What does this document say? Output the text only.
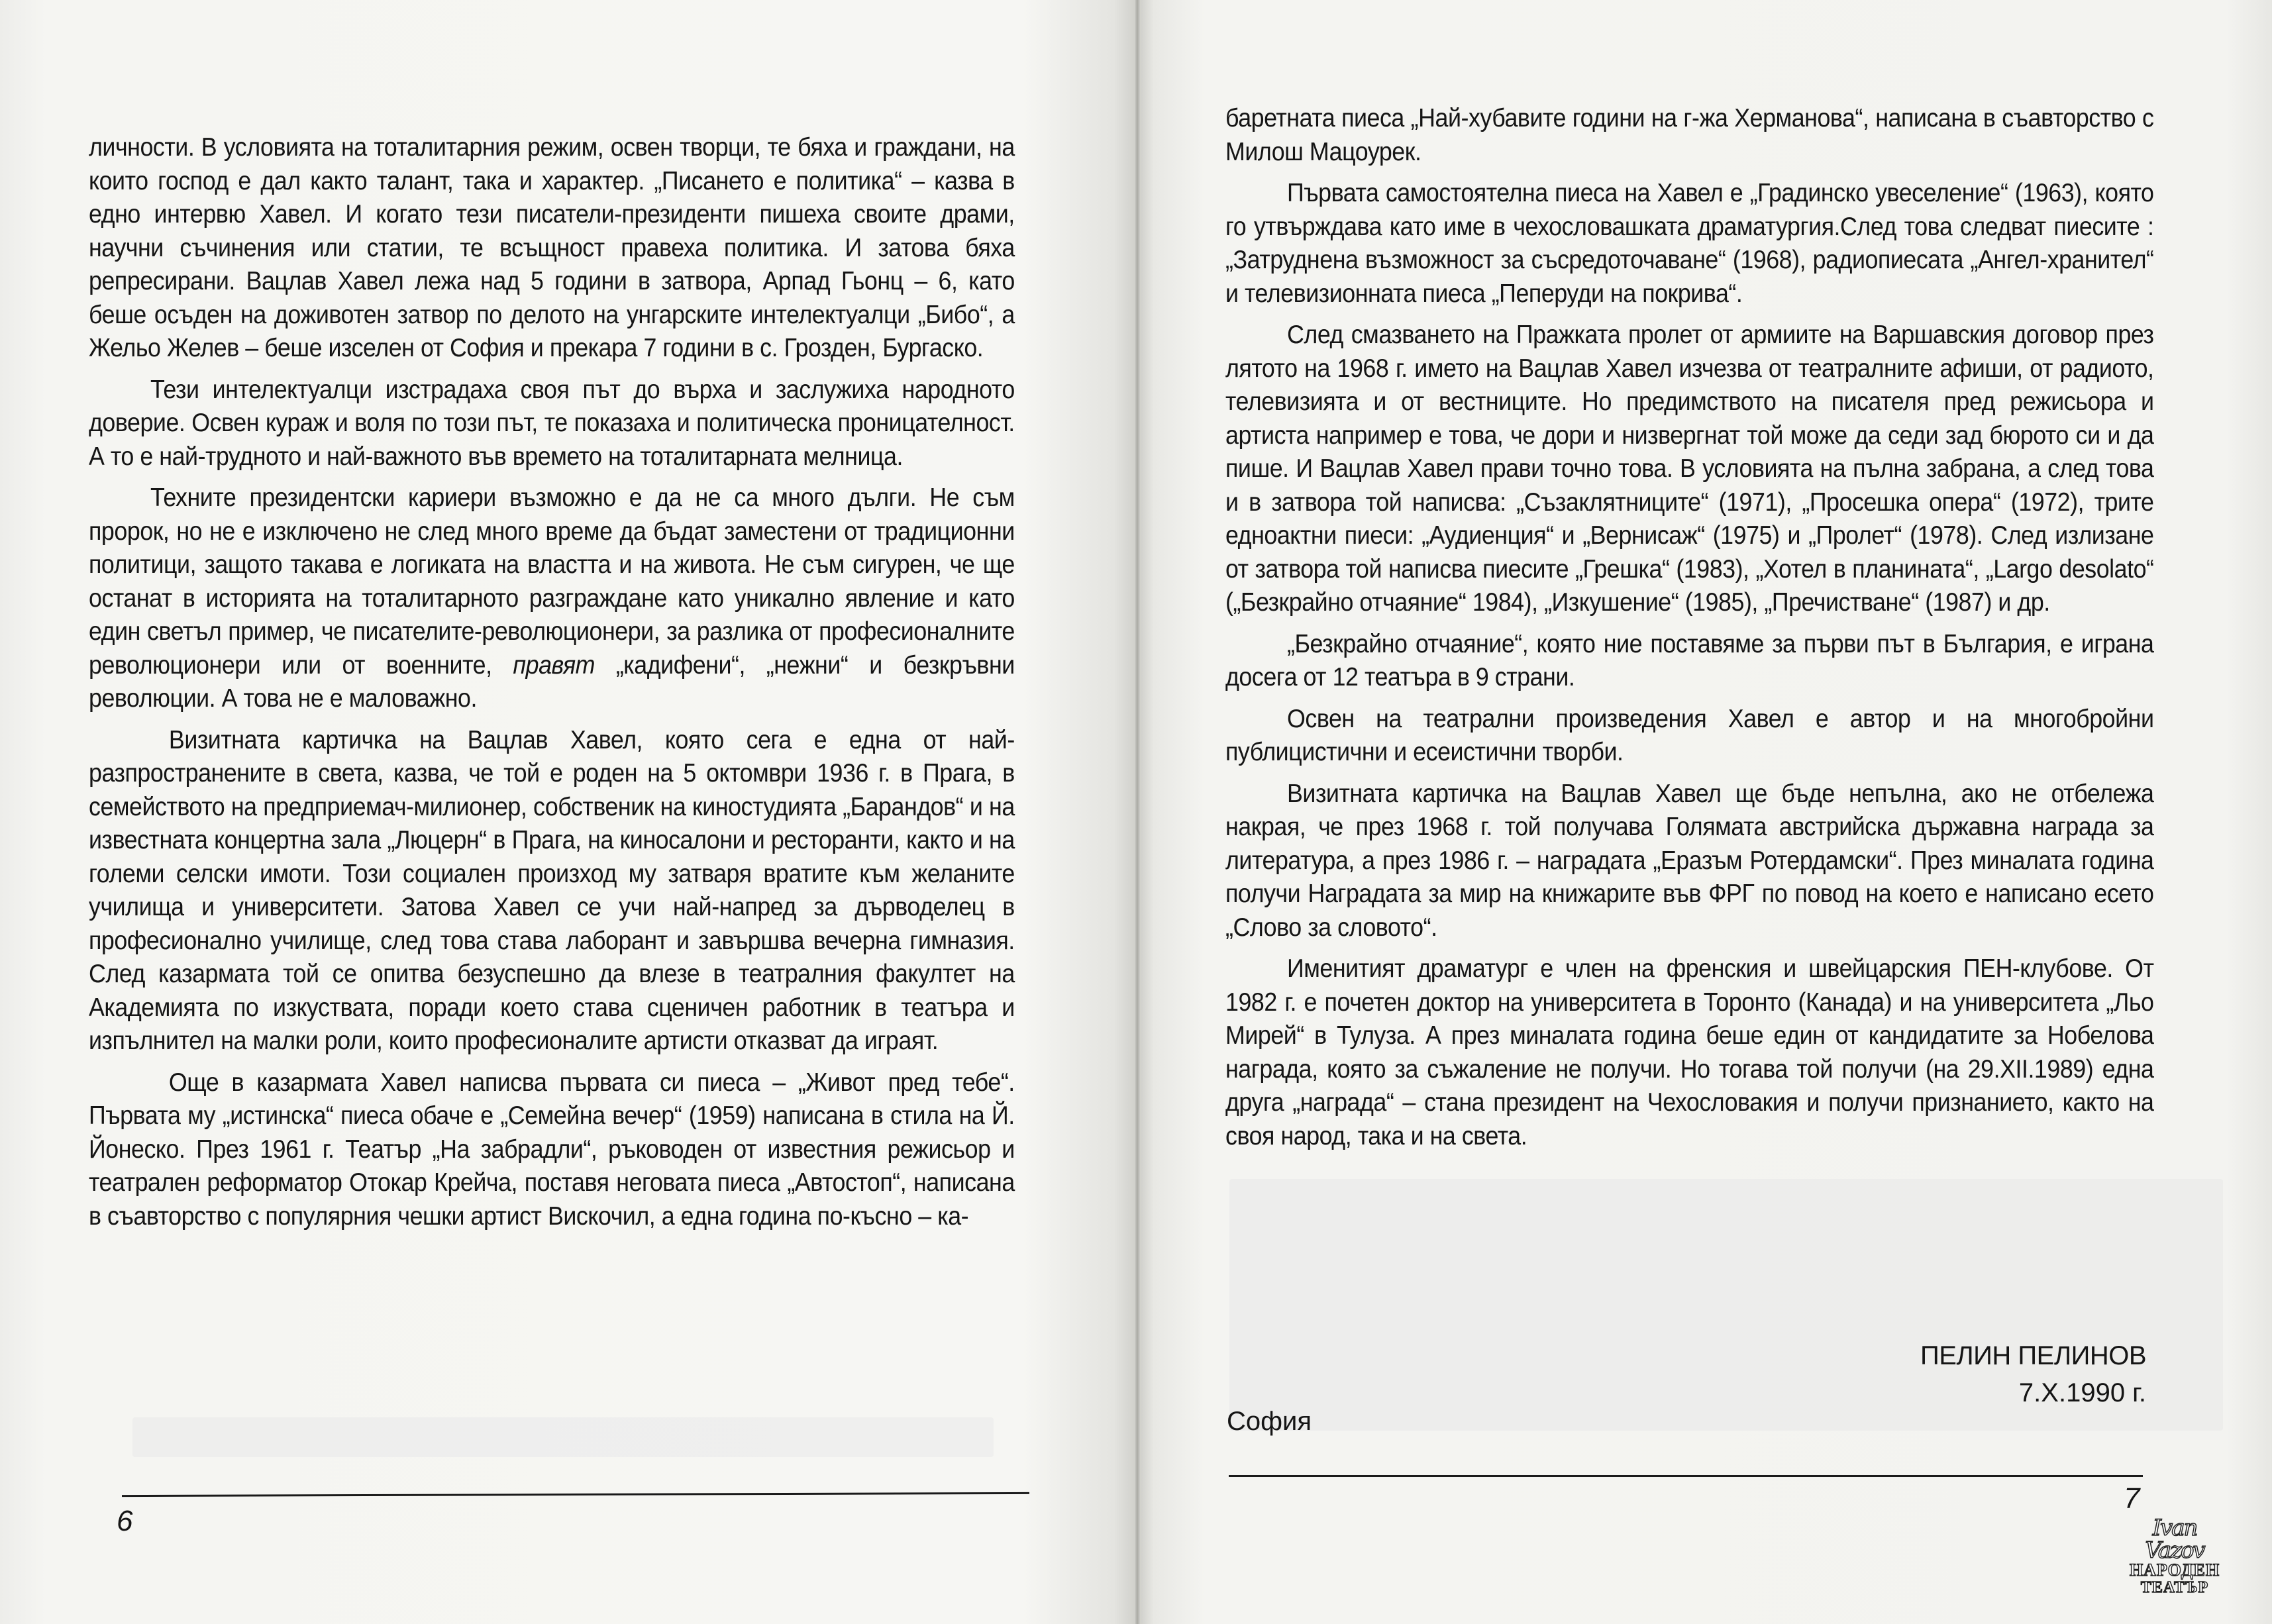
личности. В условията на тоталитарния режим, освен творци, те бяха и граждани, на които господ е дал както талант, така и характер. „Писането е политика“ – казва в едно интервю Хавел. И когато тези писатели-президенти пишеха своите драми, научни съчинения или статии, те всъщност правеха политика. И затова бяха репресирани. Вацлав Хавел лежа над 5 години в затвора, Арпад Гьонц – 6, като беше осъден на доживотен затвор по делото на унгарските интелектуалци „Бибо“, а Жельо Желев – беше изселен от София и прекара 7 години в с. Грозден, Бургаско.

Тези интелектуалци изстрадаха своя път до върха и заслужиха народното доверие. Освен кураж и воля по този път, те показаха и политическа проницателност. А то е най-трудното и най-важното във времето на тоталитарната мелница.

Техните президентски кариери възможно е да не са много дълги. Не съм пророк, но не е изключено не след много време да бъдат заместени от традиционни политици, защото такава е логиката на властта и на живота. Не съм сигурен, че ще останат в историята на тоталитарното разграждане като уникално явление и като един светъл пример, че писателите-революционери, за разлика от професионалните революционери или от военните, правят „кадифени“, „нежни“ и безкръвни революции. А това не е маловажно.

Визитната картичка на Вацлав Хавел, която сега е една от най-разпространените в света, казва, че той е роден на 5 октомври 1936 г. в Прага, в семейството на предприемач-милионер, собственик на киностудията „Барандов“ и на известната концертна зала „Люцерн“ в Прага, на киносалони и ресторанти, както и на големи селски имоти. Този социален произход му затваря вратите към желаните училища и университети. Затова Хавел се учи най-напред за дърводелец в професионално училище, след това става лаборант и завършва вечерна гимназия. След казармата той се опитва безуспешно да влезе в театралния факултет на Академията по изкуствата, поради което става сценичен работник в театъра и изпълнител на малки роли, които професионалите артисти отказват да играят.

Още в казармата Хавел написва първата си пиеса – „Живот пред тебе“. Първата му „истинска“ пиеса обаче е „Семейна вечер“ (1959) написана в стила на Й. Йонеско. През 1961 г. Театър „На забрадли“, ръководен от известния режисьор и театрален реформатор Отокар Крейча, поставя неговата пиеса „Автостоп“, написана в съавторство с популярния чешки артист Вискочил, а една година по-късно – ка-

6

баретната пиеса „Най-хубавите години на г-жа Херманова“, написана в съавторство с Милош Мацоурек.

Първата самостоятелна пиеса на Хавел е „Градинско увеселение“ (1963), която го утвърждава като име в чехословашката драматургия.След това следват пиесите : „Затруднена възможност за съсредоточаване“ (1968), радиопиесата „Ангел-хранител“ и телевизионната пиеса „Пеперуди на покрива“.

След смазването на Пражката пролет от армиите на Варшавския договор през лятото на 1968 г. името на Вацлав Хавел изчезва от театралните афиши, от радиото, телевизията и от вестниците. Но предимството на писателя пред режисьора и артиста например е това, че дори и низвергнат той може да седи зад бюрото си и да пише. И Вацлав Хавел прави точно това. В условията на пълна забрана, а след това и в затвора той написва: „Съзаклятниците“ (1971), „Просешка опера“ (1972), трите едноактни пиеси: „Аудиенция“ и „Вернисаж“ (1975) и „Пролет“ (1978). След излизане от затвора той написва пиесите „Грешка“ (1983), „Хотел в планината“, „Largo desolato“ („Безкрайно отчаяние“ 1984), „Изкушение“ (1985), „Пречистване“ (1987) и др.

„Безкрайно отчаяние“, която ние поставяме за първи път в България, е играна досега от 12 театъра в 9 страни.

Освен на театрални произведения Хавел е автор и на многобройни публицистични и есеистични творби.

Визитната картичка на Вацлав Хавел ще бъде непълна, ако не отбележа накрая, че през 1968 г. той получава Голямата австрийска държавна награда за литература, а през 1986 г. – наградата „Еразъм Ротердамски“. През миналата година получи Наградата за мир на книжарите във ФРГ по повод на което е написано есето „Слово за словото“.

Именитият драматург е член на френския и швейцарския ПЕН-клубове. От 1982 г. е почетен доктор на университета в Торонто (Канада) и на университета „Льо Мирей“ в Тулуза. А през миналата година беше един от кандидатите за Нобелова награда, която за съжаление не получи. Но тогава той получи (на 29.XII.1989) една друга „награда“ – стана президент на Чехословакия и получи признанието, както на своя народ, така и на света.

ПЕЛИН ПЕЛИНОВ
7.X.1990 г.
София
7
Ivan Vazov
НАРОДЕН
ТЕАТЪР
